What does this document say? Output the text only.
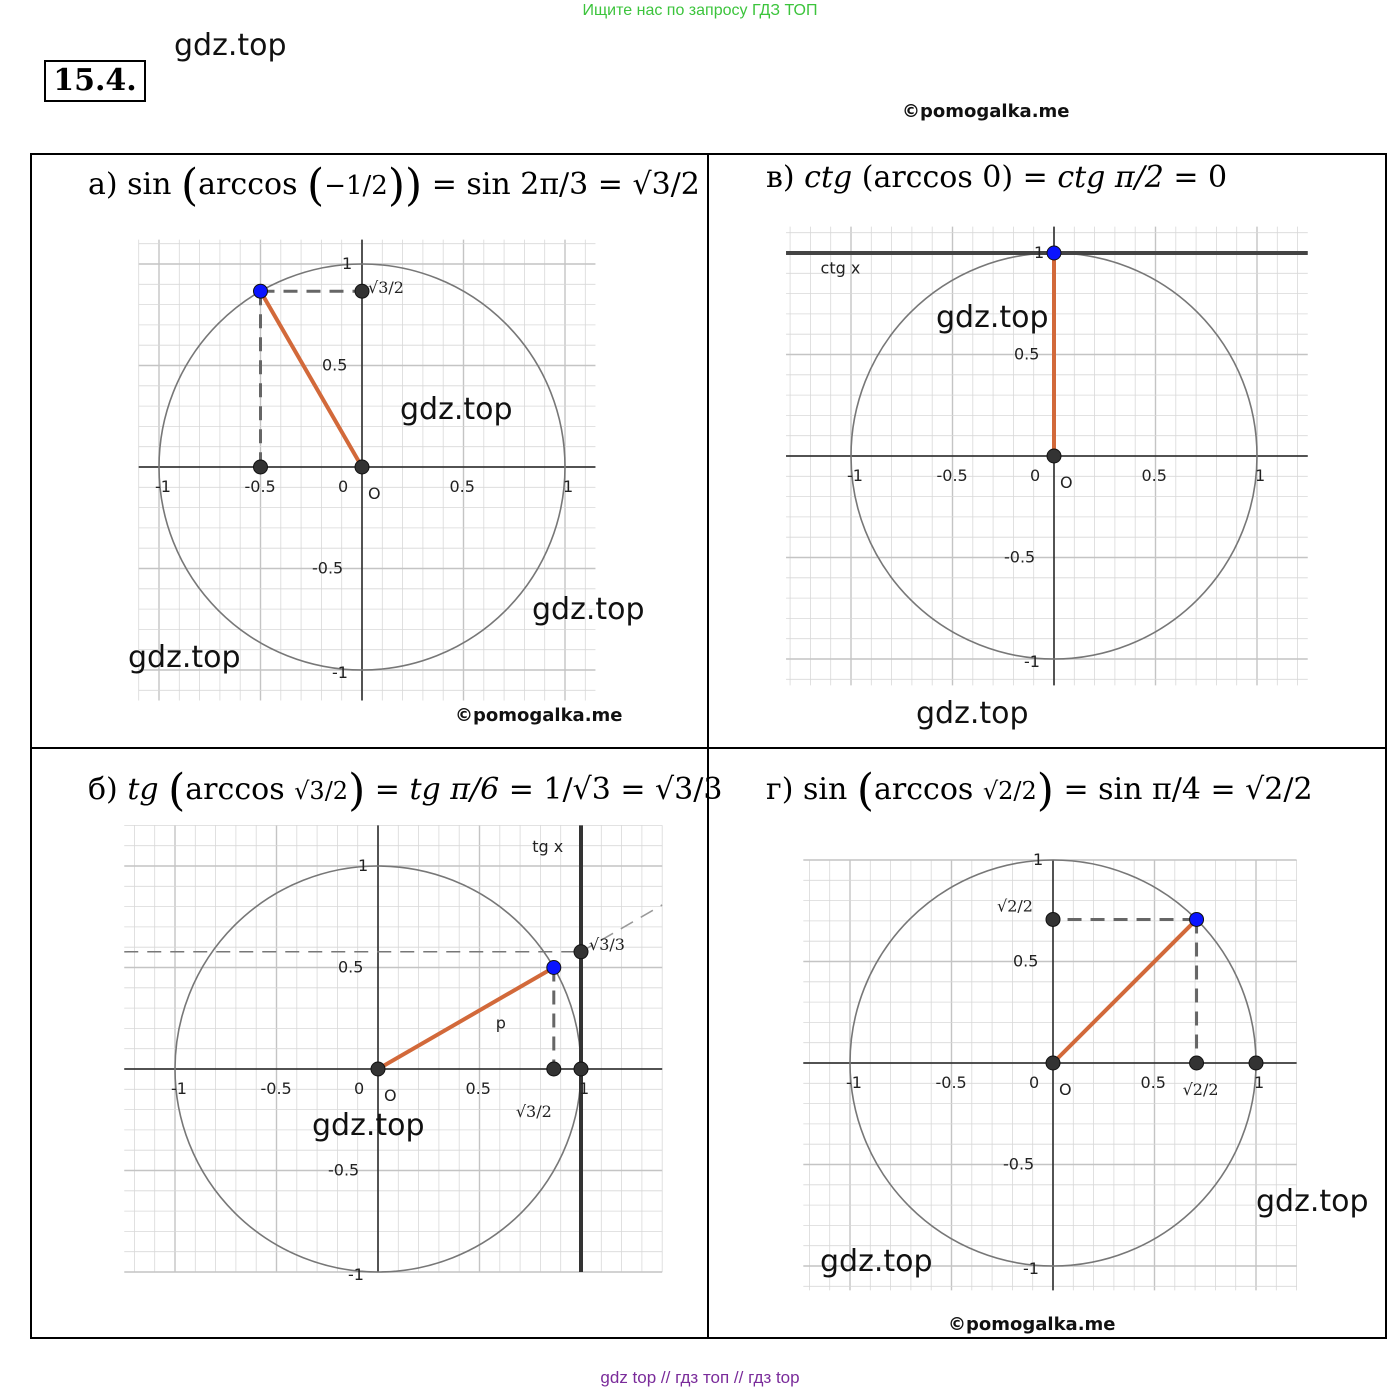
Ищите нас по запросу ГДЗ ТОП
15.4.
gdz.top
©pomogalka.me
а) sin (arccos (−1/2)) = sin 2π/3 = √3/2 в) ctg (arccos 0) = ctg π/2 = 0
б) tg (arccos √3/2) = tg π/6 = 1/√3 = √3/3 г) sin (arccos √2/2) = sin π/4 = √2/2
-1	-0.5	0 O	0.5	1
1
0.5
-0.5
-1
√3/2
-1	-0.5	0 O	0.5	1
1
0.5
-0.5
-1
ctg x
-1	-0.5	0 O	0.5	1
1
0.5
-0.5
-1
tg x
p
√3/2
√3/3
-1	-0.5	0 O	0.5	1
1
0.5
-0.5
-1
√2/2
√2/2
gdz.top
gdz.top
gdz.top
©pomogalka.me
gdz.top
gdz.top
gdz.top
gdz.top
gdz.top
©pomogalka.me
gdz top // гдз топ // гдз top
